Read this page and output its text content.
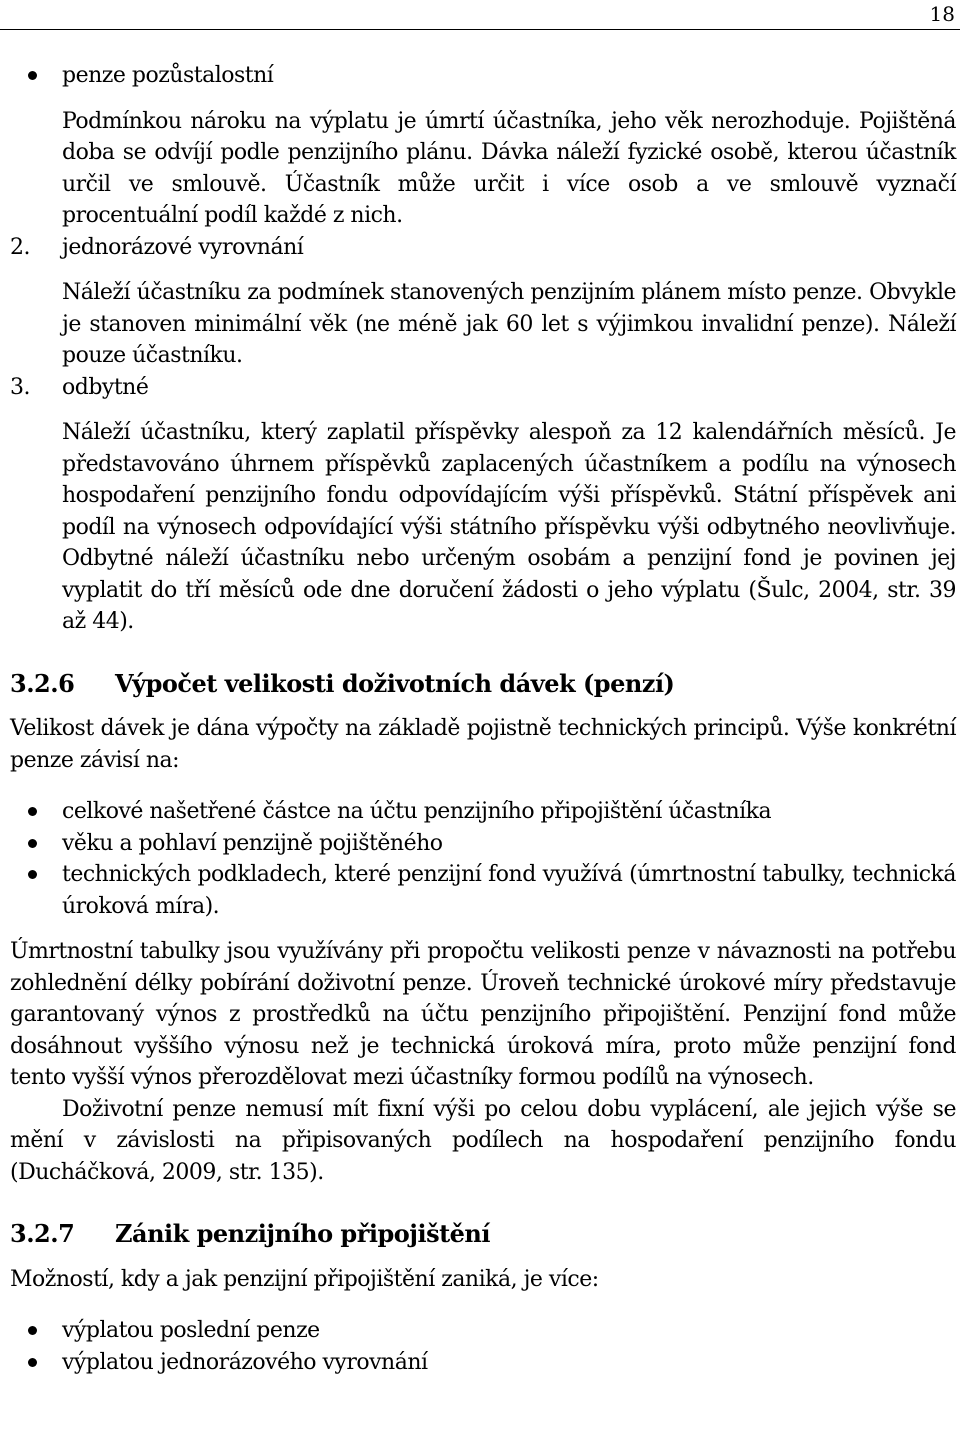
18
penze pozůstalostní

Podmínkou nároku na výplatu je úmrtí účastníka, jeho věk nerozhoduje. Pojištěná doba se odvíjí podle penzijního plánu. Dávka náleží fyzické osobě, kterou účastník určil ve smlouvě. Účastník může určit i více osob a ve smlouvě vyznačí procentuální podíl každé z nich.

2. jednorázové vyrovnání

Náleží účastníku za podmínek stanovených penzijním plánem místo penze. Obvykle je stanoven minimální věk (ne méně jak 60 let s výjimkou invalidní penze). Náleží pouze účastníku.

3. odbytné

Náleží účastníku, který zaplatil příspěvky alespoň za 12 kalendářních měsíců. Je představováno úhrnem příspěvků zaplacených účastníkem a podílu na výnosech hospodaření penzijního fondu odpovídajícím výši příspěvků. Státní příspěvek ani podíl na výnosech odpovídající výši státního příspěvku výši odbytného neovlivňuje. Odbytné náleží účastníku nebo určeným osobám a penzijní fond je povinen jej vyplatit do tří měsíců ode dne doručení žádosti o jeho výplatu (Šulc, 2004, str. 39 až 44).

3.2.6	Výpočet velikosti doživotních dávek (penzí)

Velikost dávek je dána výpočty na základě pojistně technických principů. Výše konkrétní penze závisí na:

celkové našetřené částce na účtu penzijního připojištění účastníka

věku a pohlaví penzijně pojištěného

technických podkladech, které penzijní fond využívá (úmrtnostní tabulky, technická úroková míra).

Úmrtnostní tabulky jsou využívány při propočtu velikosti penze v návaznosti na potřebu zohlednění délky pobírání doživotní penze. Úroveň technické úrokové míry představuje garantovaný výnos z prostředků na účtu penzijního připojištění. Penzijní fond může dosáhnout vyššího výnosu než je technická úroková míra, proto může penzijní fond tento vyšší výnos přerozdělovat mezi účastníky formou podílů na výnosech.

Doživotní penze nemusí mít fixní výši po celou dobu vyplácení, ale jejich výše se mění v závislosti na připisovaných podílech na hospodaření penzijního fondu (Ducháčková, 2009, str. 135).

3.2.7	Zánik penzijního připojištění

Možností, kdy a jak penzijní připojištění zaniká, je více:

výplatou poslední penze

výplatou jednorázového vyrovnání
